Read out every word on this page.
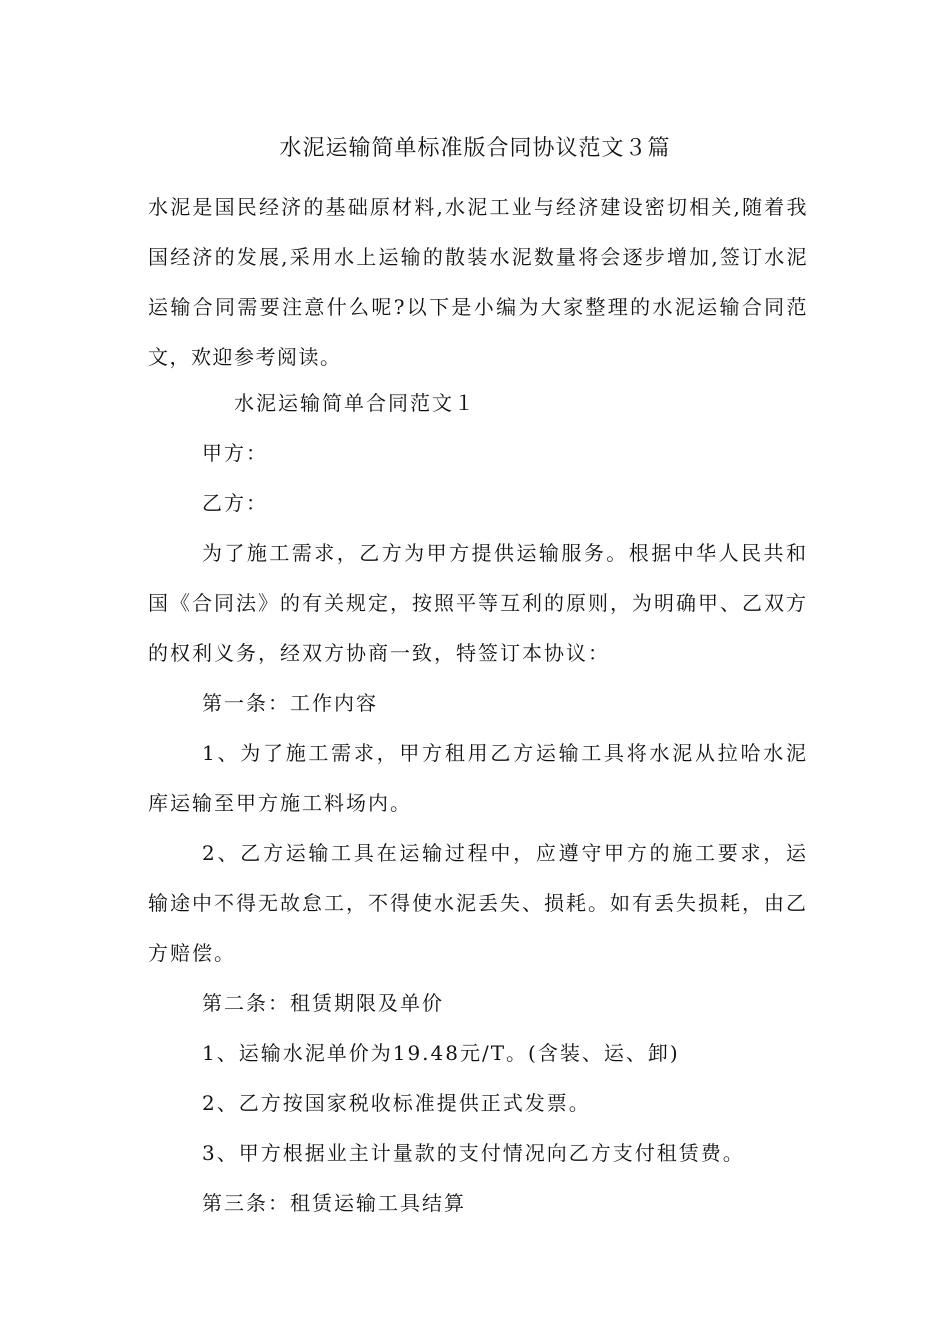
水泥运输简单标准版合同协议范文３篇
水泥是国民经济的基础原材料,水泥工业与经济建设密切相关,随着我国经济的发展,采用水上运输的散装水泥数量将会逐步增加,签订水泥运输合同需要注意什么呢?以下是小编为大家整理的水泥运输合同范文，欢迎参考阅读。

水泥运输简单合同范文１

甲方：

乙方：

为了施工需求，乙方为甲方提供运输服务。根据中华人民共和国《合同法》的有关规定，按照平等互利的原则，为明确甲、乙双方的权利义务，经双方协商一致，特签订本协议：

第一条：工作内容

1、为了施工需求，甲方租用乙方运输工具将水泥从拉哈水泥库运输至甲方施工料场内。

2、乙方运输工具在运输过程中，应遵守甲方的施工要求，运输途中不得无故怠工，不得使水泥丢失、损耗。如有丢失损耗，由乙方赔偿。

第二条：租赁期限及单价

1、运输水泥单价为19.48元/T。(含装、运、卸)

2、乙方按国家税收标准提供正式发票。

3、甲方根据业主计量款的支付情况向乙方支付租赁费。

第三条：租赁运输工具结算
